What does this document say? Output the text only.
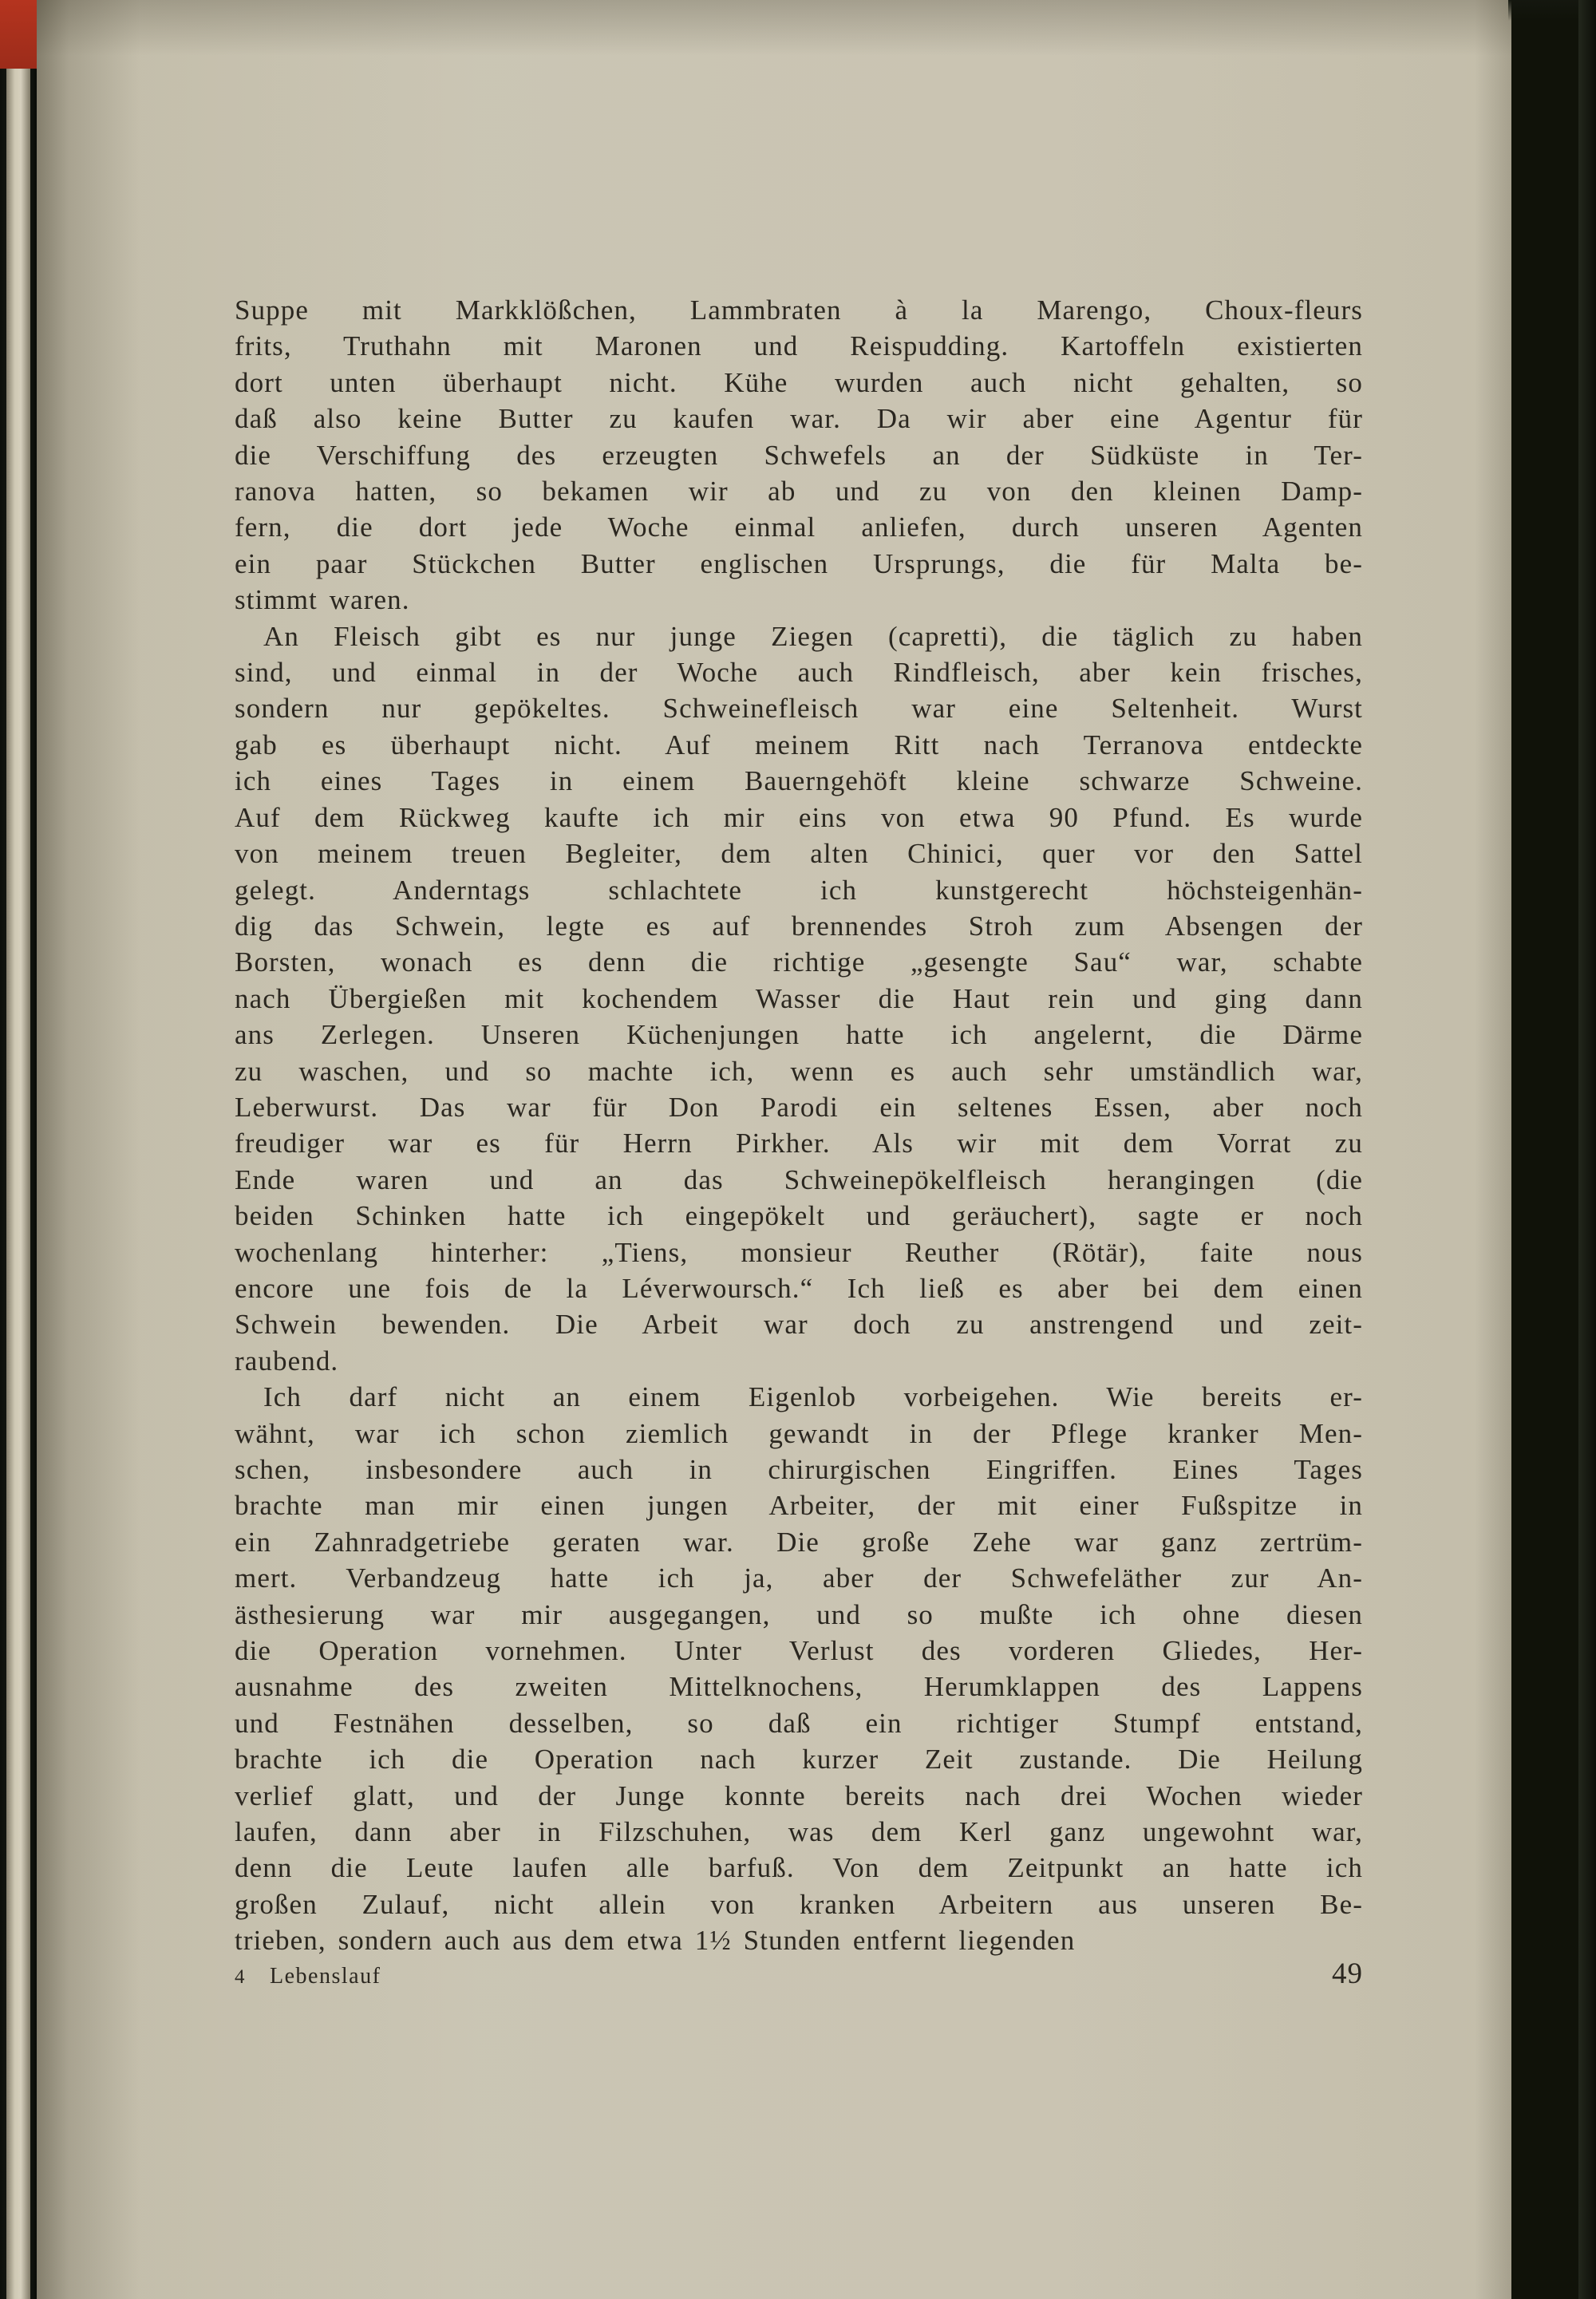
Suppe mit Markklößchen, Lammbraten à la Marengo, Choux-fleurs
frits, Truthahn mit Maronen und Reispudding. Kartoffeln existierten
dort unten überhaupt nicht. Kühe wurden auch nicht gehalten, so
daß also keine Butter zu kaufen war. Da wir aber eine Agentur für
die Verschiffung des erzeugten Schwefels an der Südküste in Ter-
ranova hatten, so bekamen wir ab und zu von den kleinen Damp-
fern, die dort jede Woche einmal anliefen, durch unseren Agenten
ein paar Stückchen Butter englischen Ursprungs, die für Malta be-
stimmt waren.
An Fleisch gibt es nur junge Ziegen (capretti), die täglich zu haben
sind, und einmal in der Woche auch Rindfleisch, aber kein frisches,
sondern nur gepökeltes. Schweinefleisch war eine Seltenheit. Wurst
gab es überhaupt nicht. Auf meinem Ritt nach Terranova entdeckte
ich eines Tages in einem Bauerngehöft kleine schwarze Schweine.
Auf dem Rückweg kaufte ich mir eins von etwa 90 Pfund. Es wurde
von meinem treuen Begleiter, dem alten Chinici, quer vor den Sattel
gelegt. Anderntags schlachtete ich kunstgerecht höchsteigenhän-
dig das Schwein, legte es auf brennendes Stroh zum Absengen der
Borsten, wonach es denn die richtige „gesengte Sau“ war, schabte
nach Übergießen mit kochendem Wasser die Haut rein und ging dann
ans Zerlegen. Unseren Küchenjungen hatte ich angelernt, die Därme
zu waschen, und so machte ich, wenn es auch sehr umständlich war,
Leberwurst. Das war für Don Parodi ein seltenes Essen, aber noch
freudiger war es für Herrn Pirkher. Als wir mit dem Vorrat zu
Ende waren und an das Schweinepökelfleisch herangingen (die
beiden Schinken hatte ich eingepökelt und geräuchert), sagte er noch
wochenlang hinterher: „Tiens, monsieur Reuther (Rötär), faite nous
encore une fois de la Léverwoursch.“ Ich ließ es aber bei dem einen
Schwein bewenden. Die Arbeit war doch zu anstrengend und zeit-
raubend.
Ich darf nicht an einem Eigenlob vorbeigehen. Wie bereits er-
wähnt, war ich schon ziemlich gewandt in der Pflege kranker Men-
schen, insbesondere auch in chirurgischen Eingriffen. Eines Tages
brachte man mir einen jungen Arbeiter, der mit einer Fußspitze in
ein Zahnradgetriebe geraten war. Die große Zehe war ganz zertrüm-
mert. Verbandzeug hatte ich ja, aber der Schwefeläther zur An-
ästhesierung war mir ausgegangen, und so mußte ich ohne diesen
die Operation vornehmen. Unter Verlust des vorderen Gliedes, Her-
ausnahme des zweiten Mittelknochens, Herumklappen des Lappens
und Festnähen desselben, so daß ein richtiger Stumpf entstand,
brachte ich die Operation nach kurzer Zeit zustande. Die Heilung
verlief glatt, und der Junge konnte bereits nach drei Wochen wieder
laufen, dann aber in Filzschuhen, was dem Kerl ganz ungewohnt war,
denn die Leute laufen alle barfuß. Von dem Zeitpunkt an hatte ich
großen Zulauf, nicht allein von kranken Arbeitern aus unseren Be-
trieben, sondern auch aus dem etwa 1½ Stunden entfernt liegenden
4 Lebenslauf	49
